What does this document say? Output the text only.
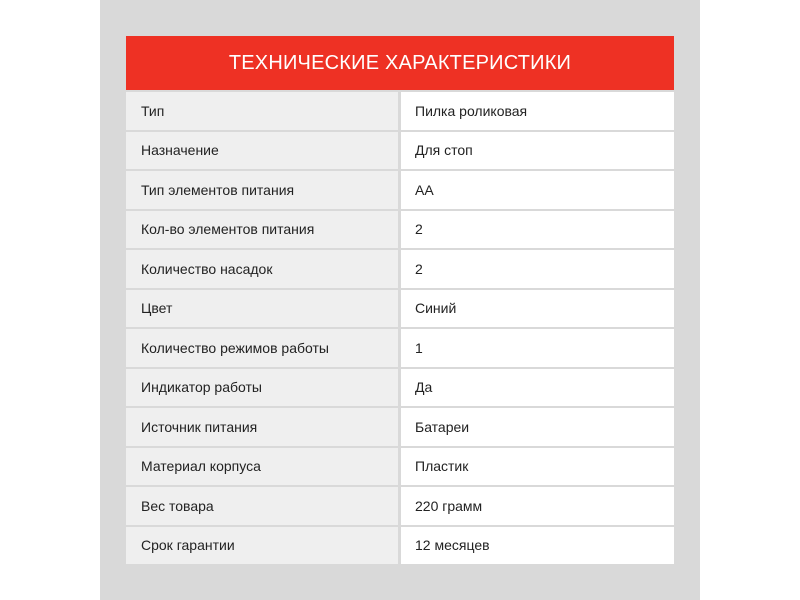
ТЕХНИЧЕСКИЕ ХАРАКТЕРИСТИКИ
Тип	Пилка роликовая
Назначение	Для стоп
Тип элементов питания	АА
Кол-во элементов питания	2
Количество насадок	2
Цвет	Синий
Количество режимов работы	1
Индикатор работы	Да
Источник питания	Батареи
Материал корпуса	Пластик
Вес товара	220 грамм
Срок гарантии	12 месяцев
